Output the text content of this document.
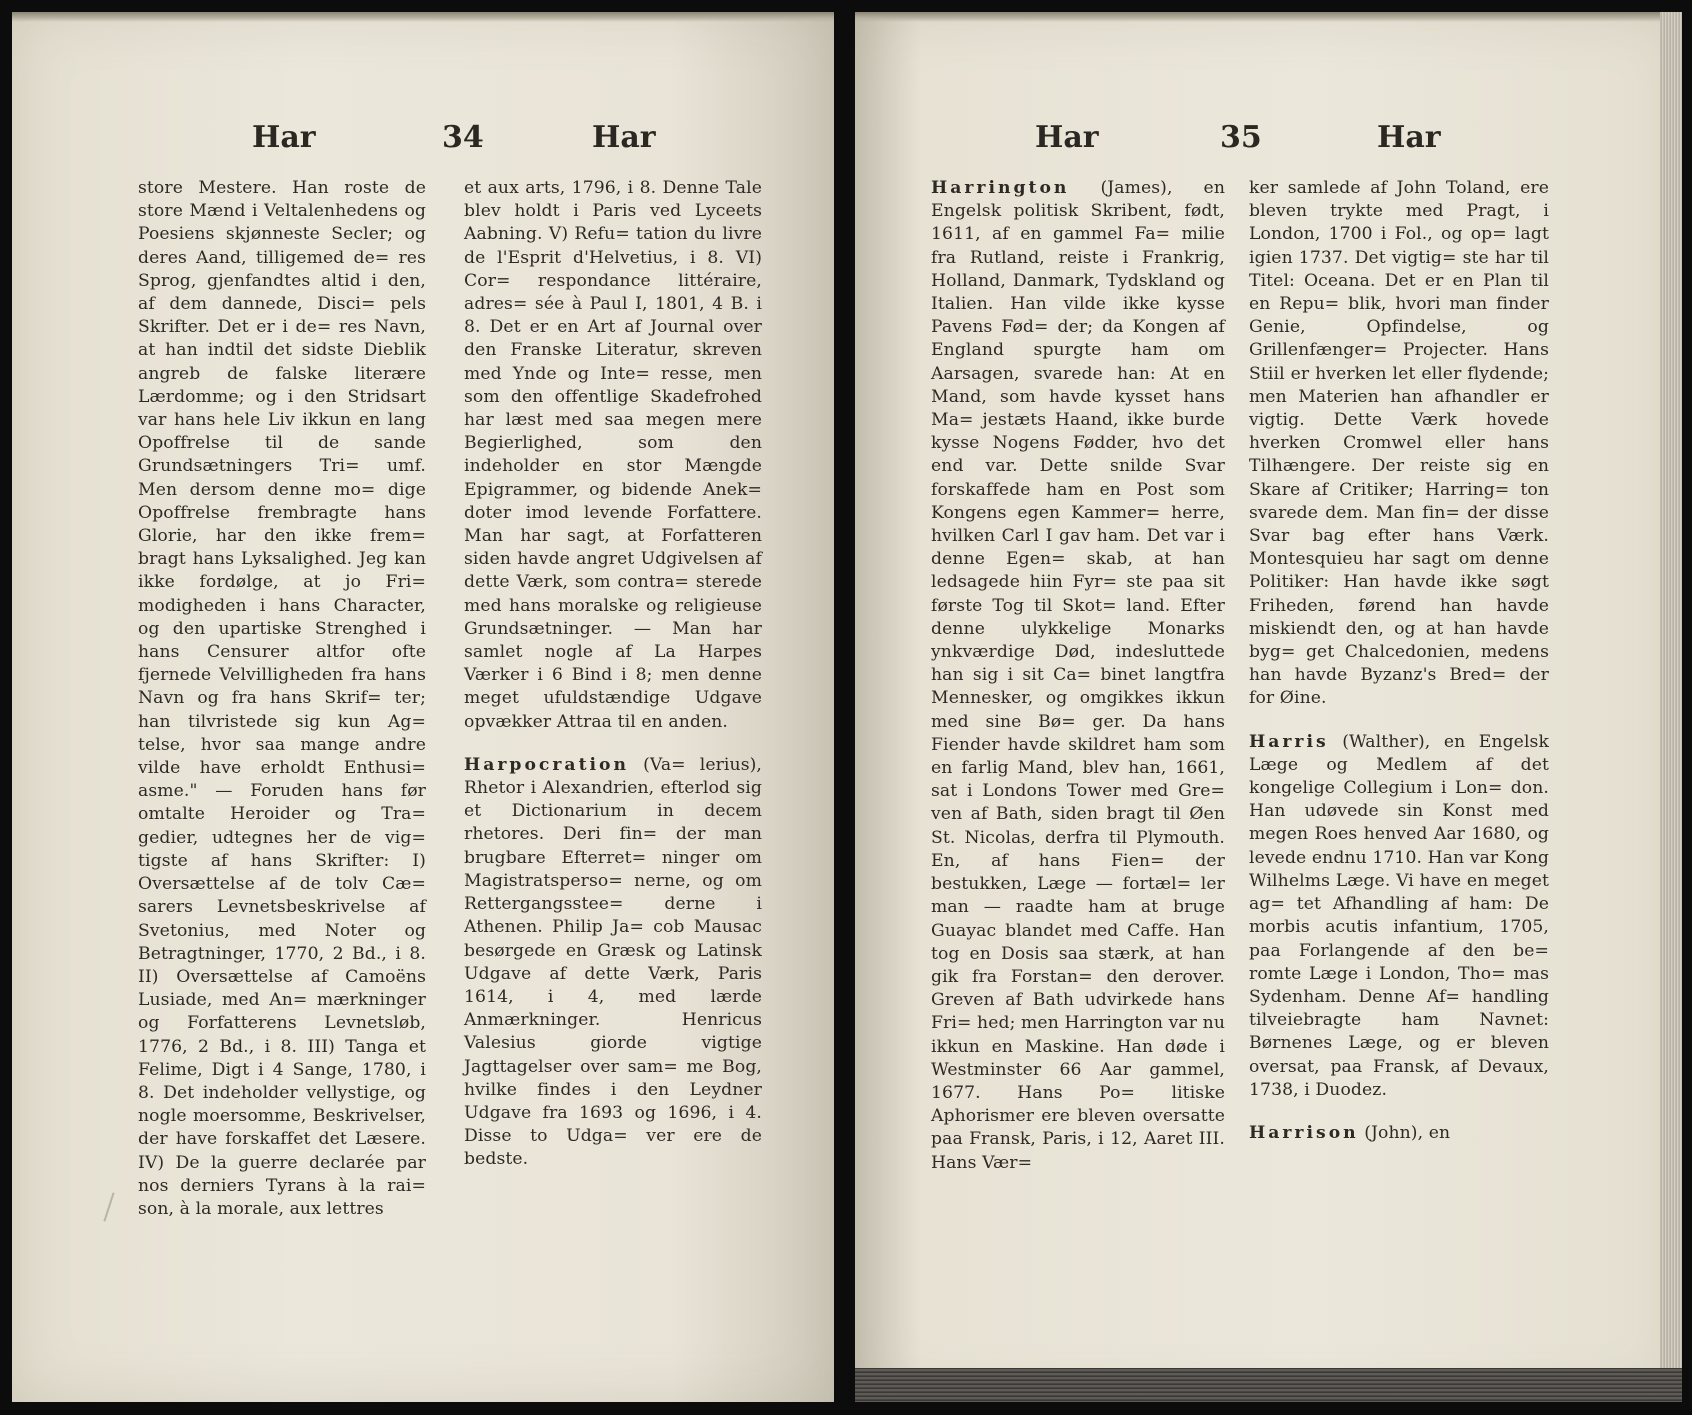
Har	34	Har

store Mestere. Han roste de store Mænd i Veltalenhedens og Poesiens skjønneste Secler; og deres Aand, tilligemed de= res Sprog, gjenfandtes altid i den, af dem dannede, Disci= pels Skrifter. Det er i de= res Navn, at han indtil det sidste Dieblik angreb de falske literære Lærdomme; og i den Stridsart var hans hele Liv ikkun en lang Opoffrelse til de sande Grundsætningers Tri= umf. Men dersom denne mo= dige Opoffrelse frembragte hans Glorie, har den ikke frem= bragt hans Lyksalighed. Jeg kan ikke fordølge, at jo Fri= modigheden i hans Character, og den upartiske Strenghed i hans Censurer altfor ofte fjernede Velvilligheden fra hans Navn og fra hans Skrif= ter; han tilvristede sig kun Ag= telse, hvor saa mange andre vilde have erholdt Enthusi= asme." — Foruden hans før omtalte Heroider og Tra= gedier, udtegnes her de vig= tigste af hans Skrifter: I) Oversættelse af de tolv Cæ= sarers Levnetsbeskrivelse af Svetonius, med Noter og Betragtninger, 1770, 2 Bd., i 8. II) Oversættelse af Camoëns Lusiade, med An= mærkninger og Forfatterens Levnetsløb, 1776, 2 Bd., i 8. III) Tanga et Felime, Digt i 4 Sange, 1780, i 8. Det indeholder vellystige, og nogle moersomme, Beskrivelser, der have forskaffet det Læsere. IV) De la guerre declarée par nos derniers Tyrans à la rai= son, à la morale, aux lettres

et aux arts, 1796, i 8. Denne Tale blev holdt i Paris ved Lyceets Aabning. V) Refu= tation du livre de l'Esprit d'Helvetius, i 8. VI) Cor= respondance littéraire, adres= sée à Paul I, 1801, 4 B. i 8. Det er en Art af Journal over den Franske Literatur, skreven med Ynde og Inte= resse, men som den offentlige Skadefrohed har læst med saa megen mere Begierlighed, som den indeholder en stor Mængde Epigrammer, og bidende Anek= doter imod levende Forfattere. Man har sagt, at Forfatteren siden havde angret Udgivelsen af dette Værk, som contra= sterede med hans moralske og religieuse Grundsætninger. — Man har samlet nogle af La Harpes Værker i 6 Bind i 8; men denne meget ufuldstændige Udgave opvækker Attraa til en anden.

Harpocration (Va= lerius), Rhetor i Alexandrien, efterlod sig et Dictionarium in decem rhetores. Deri fin= der man brugbare Efterret= ninger om Magistratsperso= nerne, og om Rettergangsstee= derne i Athenen. Philip Ja= cob Mausac besørgede en Græsk og Latinsk Udgave af dette Værk, Paris 1614, i 4, med lærde Anmærkninger. Henricus Valesius giorde vigtige Jagttagelser over sam= me Bog, hvilke findes i den Leydner Udgave fra 1693 og 1696, i 4. Disse to Udga= ver ere de bedste.

Har	35	Har

Harrington (James), en Engelsk politisk Skribent, født, 1611, af en gammel Fa= milie fra Rutland, reiste i Frankrig, Holland, Danmark, Tydskland og Italien. Han vilde ikke kysse Pavens Fød= der; da Kongen af England spurgte ham om Aarsagen, svarede han: At en Mand, som havde kysset hans Ma= jestæts Haand, ikke burde kysse Nogens Fødder, hvo det end var. Dette snilde Svar forskaffede ham en Post som Kongens egen Kammer= herre, hvilken Carl I gav ham. Det var i denne Egen= skab, at han ledsagede hiin Fyr= ste paa sit første Tog til Skot= land. Efter denne ulykkelige Monarks ynkværdige Død, indesluttede han sig i sit Ca= binet langtfra Mennesker, og omgikkes ikkun med sine Bø= ger. Da hans Fiender havde skildret ham som en farlig Mand, blev han, 1661, sat i Londons Tower med Gre= ven af Bath, siden bragt til Øen St. Nicolas, derfra til Plymouth. En, af hans Fien= der bestukken, Læge — fortæl= ler man — raadte ham at bruge Guayac blandet med Caffe. Han tog en Dosis saa stærk, at han gik fra Forstan= den derover. Greven af Bath udvirkede hans Fri= hed; men Harrington var nu ikkun en Maskine. Han døde i Westminster 66 Aar gammel, 1677. Hans Po= litiske Aphorismer ere bleven oversatte paa Fransk, Paris, i 12, Aaret III. Hans Vær=

ker samlede af John Toland, ere bleven trykte med Pragt, i London, 1700 i Fol., og op= lagt igien 1737. Det vigtig= ste har til Titel: Oceana. Det er en Plan til en Repu= blik, hvori man finder Genie, Opfindelse, og Grillenfænger= Projecter. Hans Stiil er hverken let eller flydende; men Materien han afhandler er vigtig. Dette Værk hovede hverken Cromwel eller hans Tilhængere. Der reiste sig en Skare af Critiker; Harring= ton svarede dem. Man fin= der disse Svar bag efter hans Værk. Montesquieu har sagt om denne Politiker: Han havde ikke søgt Friheden, førend han havde miskiendt den, og at han havde byg= get Chalcedonien, medens han havde Byzanz's Bred= der for Øine.

Harris (Walther), en Engelsk Læge og Medlem af det kongelige Collegium i Lon= don. Han udøvede sin Konst med megen Roes henved Aar 1680, og levede endnu 1710. Han var Kong Wilhelms Læge. Vi have en meget ag= tet Afhandling af ham: De morbis acutis infantium, 1705, paa Forlangende af den be= romte Læge i London, Tho= mas Sydenham. Denne Af= handling tilveiebragte ham Navnet: Børnenes Læge, og er bleven oversat, paa Fransk, af Devaux, 1738, i Duodez.

Harrison (John), en
